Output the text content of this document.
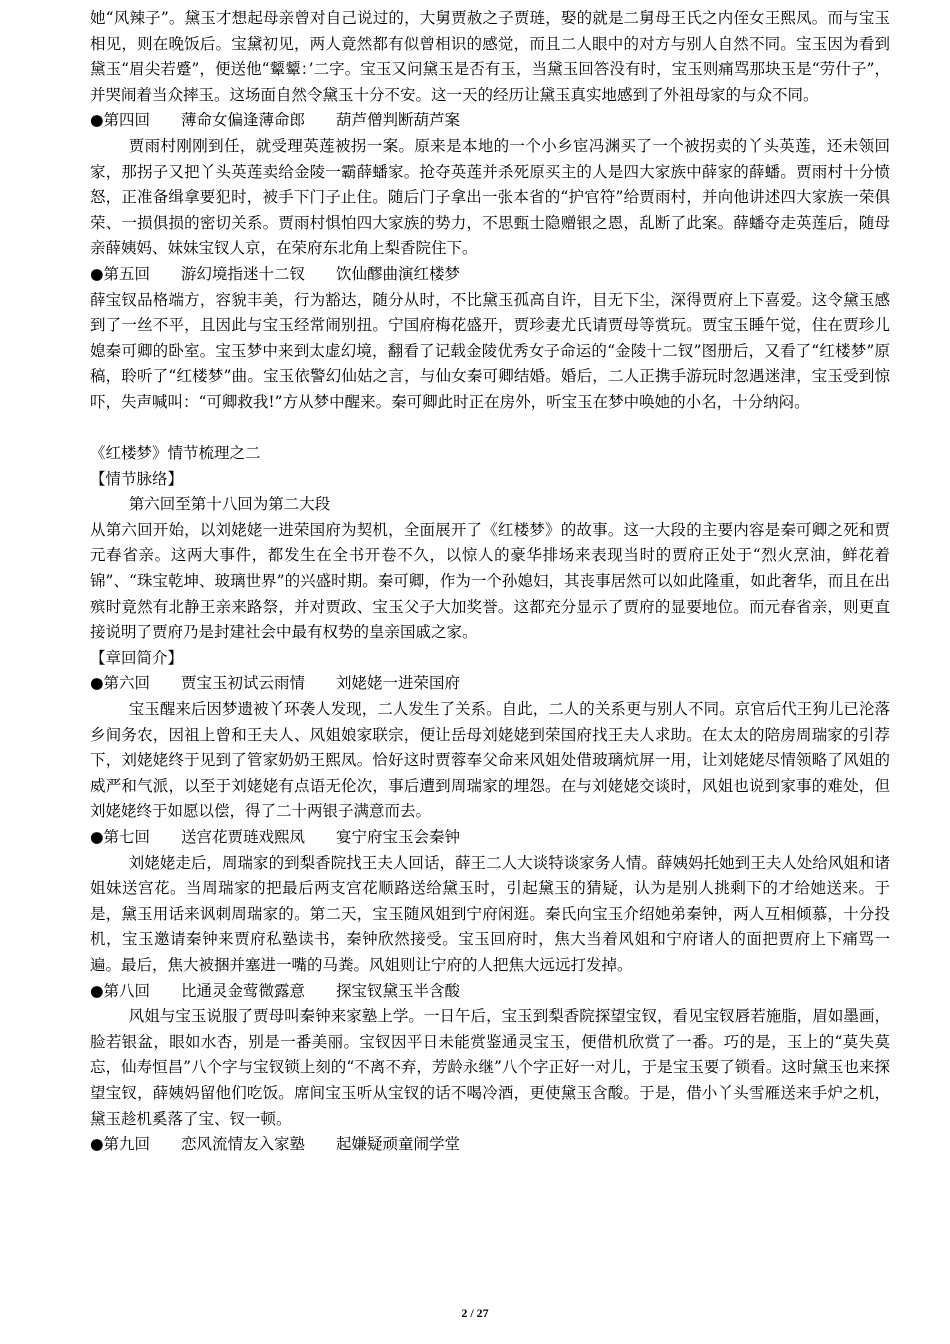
她“风辣子”。黛玉才想起母亲曾对自己说过的，大舅贾赦之子贾琏，娶的就是二舅母王氏之内侄女王熙凤。而与宝玉相见，则在晚饭后。宝黛初见，两人竟然都有似曾相识的感觉，而且二人眼中的对方与别人自然不同。宝玉因为看到黛玉“眉尖若蹙”，便送他“颦颦：’二字。宝玉又问黛玉是否有玉，当黛玉回答没有时，宝玉则痛骂那块玉是“劳什子”，并哭闹着当众摔玉。这场面自然令黛玉十分不安。这一天的经历让黛玉真实地感到了外祖母家的与众不同。

●第四回　　薄命女偏逢薄命郎　　葫芦僧判断葫芦案

贾雨村刚刚到任，就受理英莲被拐一案。原来是本地的一个小乡宦冯渊买了一个被拐卖的丫头英莲，还未领回家，那拐子又把丫头英莲卖给金陵一霸薛蟠家。抢夺英莲并杀死原买主的人是四大家族中薛家的薛蟠。贾雨村十分愤怒，正准备缉拿要犯时，被手下门子止住。随后门子拿出一张本省的“护官符”给贾雨村，并向他讲述四大家族一荣俱荣、一损俱损的密切关系。贾雨村惧怕四大家族的势力，不思甄士隐赠银之恩，乱断了此案。薛蟠夺走英莲后，随母亲薛姨妈、妹妹宝钗人京，在荣府东北角上梨香院住下。

●第五回　　游幻境指迷十二钗　　饮仙醪曲演红楼梦

薛宝钗品格端方，容貌丰美，行为豁达，随分从时，不比黛玉孤高自许，目无下尘，深得贾府上下喜爱。这令黛玉感到了一丝不平，且因此与宝玉经常闹别扭。宁国府梅花盛开，贾珍妻尤氏请贾母等赏玩。贾宝玉睡午觉，住在贾珍儿媳秦可卿的卧室。宝玉梦中来到太虚幻境，翻看了记载金陵优秀女子命运的“金陵十二钗”图册后，又看了“红楼梦”原稿，聆听了“红楼梦”曲。宝玉依警幻仙姑之言，与仙女秦可卿结婚。婚后，二人正携手游玩时忽遇迷津，宝玉受到惊吓，失声喊叫：“可卿救我!”方从梦中醒来。秦可卿此时正在房外，听宝玉在梦中唤她的小名，十分纳闷。

《红楼梦》情节梳理之二

【情节脉络】

第六回至第十八回为第二大段

从第六回开始，以刘姥姥一进荣国府为契机，全面展开了《红楼梦》的故事。这一大段的主要内容是秦可卿之死和贾元春省亲。这两大事件，都发生在全书开卷不久，以惊人的豪华排场来表现当时的贾府正处于“烈火烹油，鲜花着锦”、“珠宝乾坤、玻璃世界”的兴盛时期。秦可卿，作为一个孙媳妇，其丧事居然可以如此隆重，如此奢华，而且在出殡时竟然有北静王亲来路祭，并对贾政、宝玉父子大加奖誉。这都充分显示了贾府的显要地位。而元春省亲，则更直接说明了贾府乃是封建社会中最有权势的皇亲国戚之家。

【章回简介】

●第六回　　贾宝玉初试云雨情　　刘姥姥一进荣国府

宝玉醒来后因梦遗被丫环袭人发现，二人发生了关系。自此，二人的关系更与别人不同。京官后代王狗儿已沦落乡间务农，因祖上曾和王夫人、风姐娘家联宗，便让岳母刘姥姥到荣国府找王夫人求助。在太太的陪房周瑞家的引荐下，刘姥姥终于见到了管家奶奶王熙凤。恰好这时贾蓉奉父命来风姐处借玻璃炕屏一用，让刘姥姥尽情领略了风姐的威严和气派，以至于刘姥姥有点语无伦次，事后遭到周瑞家的埋怨。在与刘姥姥交谈时，风姐也说到家事的难处，但刘姥姥终于如愿以偿，得了二十两银子满意而去。

●第七回　　送宫花贾琏戏熙凤　　宴宁府宝玉会秦钟

刘姥姥走后，周瑞家的到梨香院找王夫人回话，薛王二人大谈特谈家务人情。薛姨妈托她到王夫人处给风姐和诸姐妹送宫花。当周瑞家的把最后两支宫花顺路送给黛玉时，引起黛玉的猜疑，认为是别人挑剩下的才给她送来。于是，黛玉用话来讽刺周瑞家的。第二天，宝玉随风姐到宁府闲逛。秦氏向宝玉介绍她弟秦钟，两人互相倾慕，十分投机，宝玉邀请秦钟来贾府私塾读书，秦钟欣然接受。宝玉回府时，焦大当着风姐和宁府诸人的面把贾府上下痛骂一遍。最后，焦大被捆并塞进一嘴的马粪。风姐则让宁府的人把焦大远远打发掉。

●第八回　　比通灵金莺微露意　　探宝钗黛玉半含酸

风姐与宝玉说服了贾母叫秦钟来家塾上学。一日午后，宝玉到梨香院探望宝钗，看见宝钗唇若施脂，眉如墨画，脸若银盆，眼如水杏，别是一番美丽。宝钗因平日未能赏鉴通灵宝玉，便借机欣赏了一番。巧的是，玉上的“莫失莫忘，仙寿恒昌”八个字与宝钗锁上刻的“不离不弃，芳龄永继”八个字正好一对儿，于是宝玉要了锁看。这时黛玉也来探望宝钗，薛姨妈留他们吃饭。席间宝玉听从宝钗的话不喝冷酒，更使黛玉含酸。于是，借小丫头雪雁送来手炉之机，黛玉趁机奚落了宝、钗一顿。

●第九回　　恋风流情友入家塾　　起嫌疑顽童闹学堂

2 / 27
